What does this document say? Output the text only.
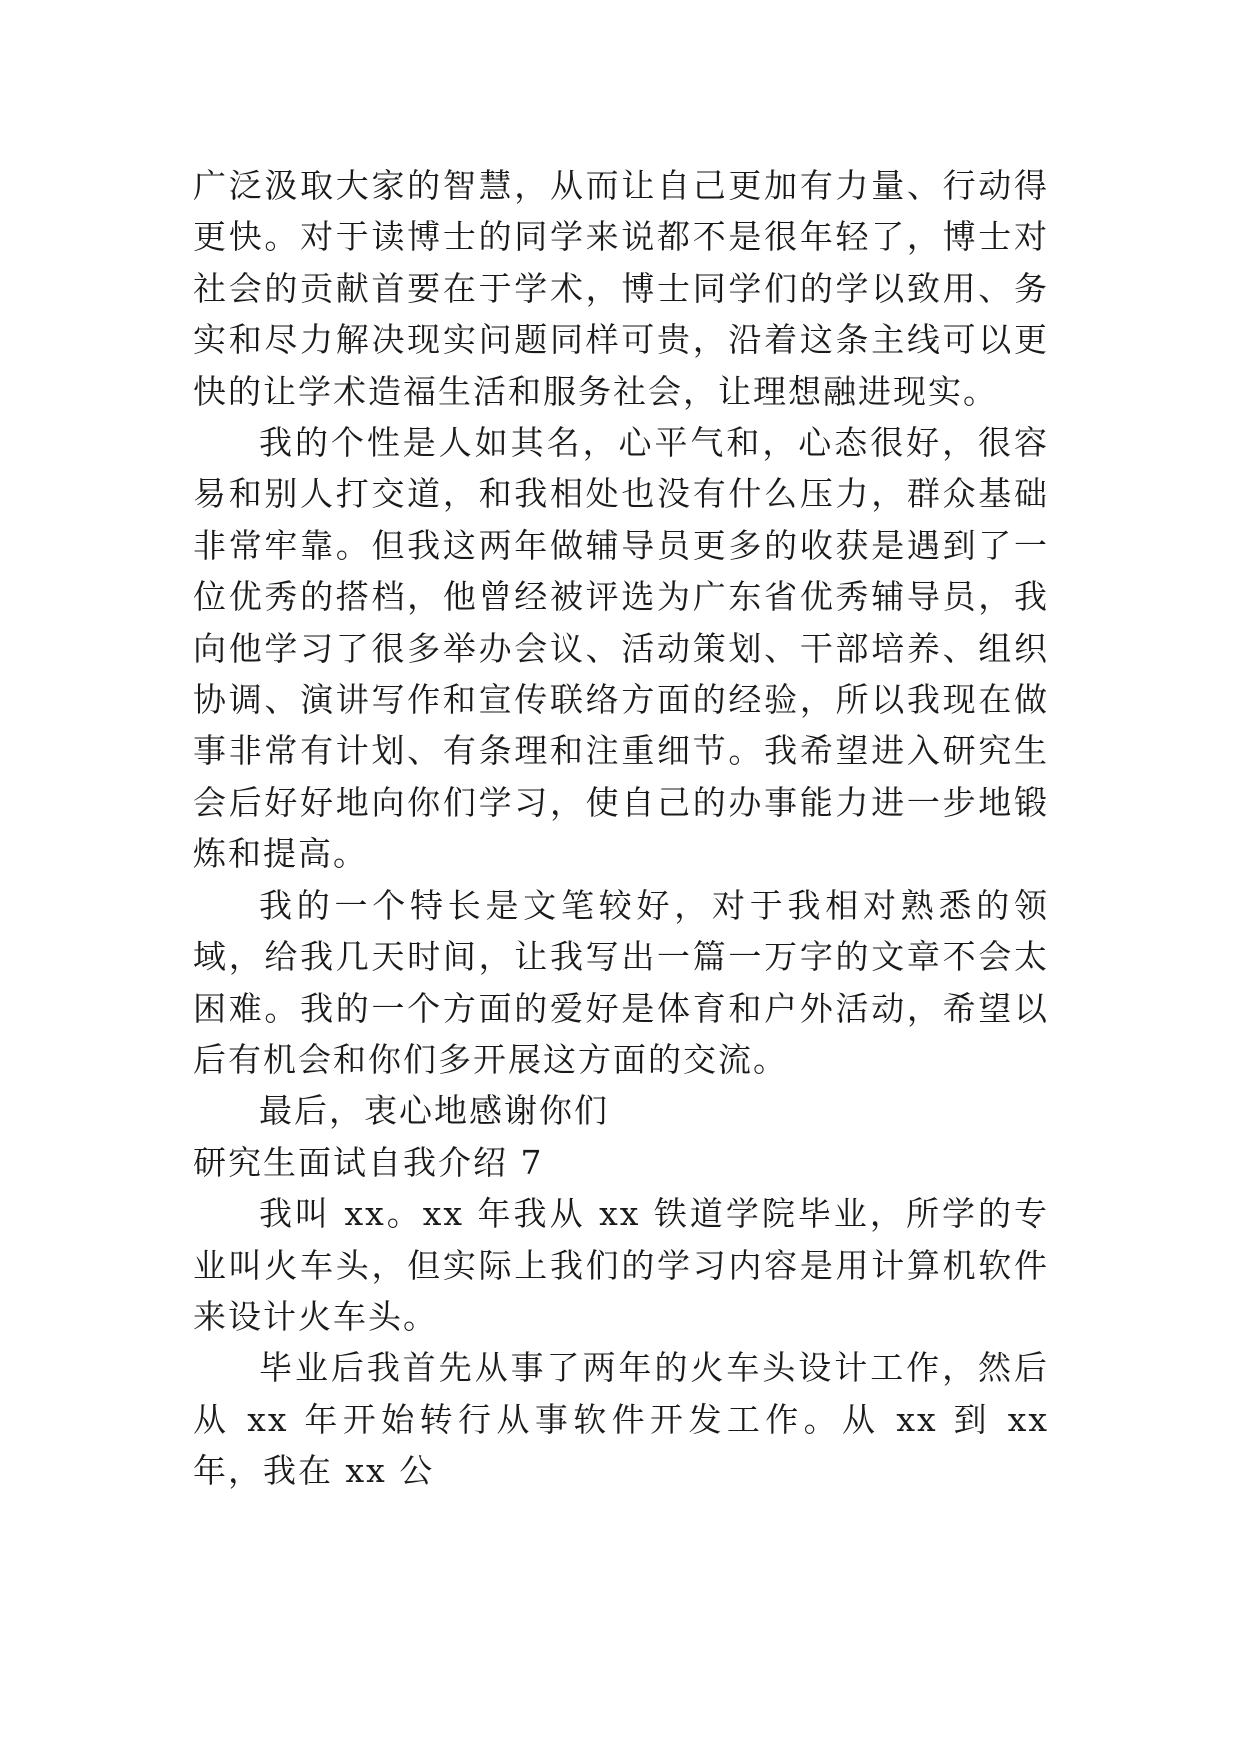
广泛汲取大家的智慧，从而让自己更加有力量、行动得更快。对于读博士的同学来说都不是很年轻了，博士对社会的贡献首要在于学术，博士同学们的学以致用、务实和尽力解决现实问题同样可贵，沿着这条主线可以更快的让学术造福生活和服务社会，让理想融进现实。

我的个性是人如其名，心平气和，心态很好，很容易和别人打交道，和我相处也没有什么压力，群众基础非常牢靠。但我这两年做辅导员更多的收获是遇到了一位优秀的搭档，他曾经被评选为广东省优秀辅导员，我向他学习了很多举办会议、活动策划、干部培养、组织协调、演讲写作和宣传联络方面的经验，所以我现在做事非常有计划、有条理和注重细节。我希望进入研究生会后好好地向你们学习，使自己的办事能力进一步地锻炼和提高。

我的一个特长是文笔较好，对于我相对熟悉的领域，给我几天时间，让我写出一篇一万字的文章不会太困难。我的一个方面的爱好是体育和户外活动，希望以后有机会和你们多开展这方面的交流。

最后，衷心地感谢你们

研究生面试自我介绍 7

我叫 xx。xx 年我从 xx 铁道学院毕业，所学的专业叫火车头，但实际上我们的学习内容是用计算机软件来设计火车头。

毕业后我首先从事了两年的火车头设计工作，然后从 xx 年开始转行从事软件开发工作。从 xx 到 xx 年，我在 xx 公
